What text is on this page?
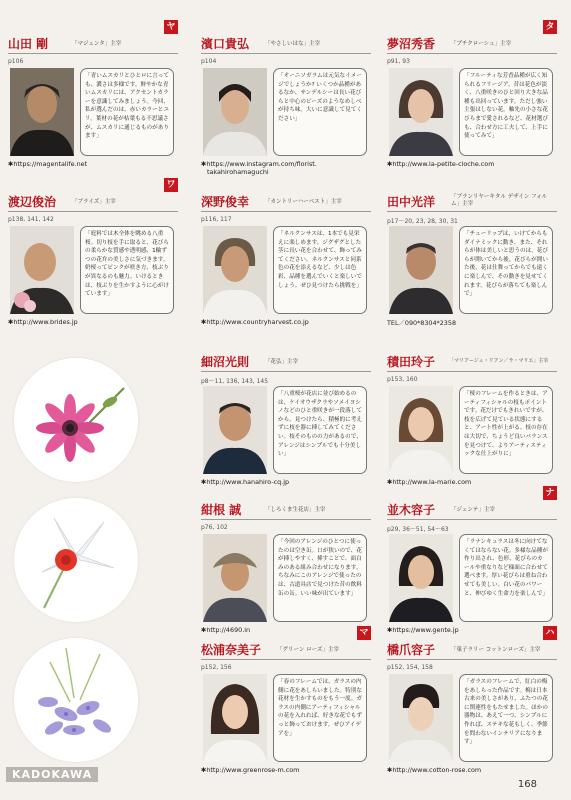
山田 剛	「マジェンタ」主宰
ヤ
p106
「青いムスカリとひとロに言っても、濃さは多様です。鮮やかな青いムスカリには、アクセントカラーを意識してみましょう。今回、私が選んだのは、赤いカラーとユリ。葉材の花が枯葉もる不思議さが、ムスカリに通じるものがあります」
✱https://magentalife.net
濱口貴弘	「やさしいはな」主宰
p104
「オーニソガラムは元気なイメージでしょうか? いくつか品種があるなか、サンデルシーは長い花びらと中心のビーズのようなめしべが持ち味。大いに意識して見てください」
✱https://www.instagram.com/florist.
takahirohamaguchi
夢沼秀香	「プチクローシュ」主宰
タ
p91, 93
「フルーティな芳香品種が広く知られるフリージア。昔は花色が淡く、八重咲きのひと回り大きな品種も出回っています。ただし強い主張はしない花。軸先の小さな花びらまで愛されるなど、花材選びも、合わせ方に工夫して、上手に使ってみて」
✱http://www.la-petite-cloche.com
渡辺俊治	「ブライズ」主宰
ワ
p138, 141, 142
「庭料では木全体を眺める八重桜。切り枝を手に取ると、花びらの柔らかな質感や透明感、1輪ずつの花弁の美しさに気づきます。奶桜ってピンクが咲き方、枝ぶりが異なるのも魅力。いけるときは、枝ぶりを生かすように心がけています」
✱http://www.brides.jp
深野俊幸	「カントリーハーベスト」主宰
p116, 117
「ネルクンサスは、1本でも見栄えに楽しめます。ジグザグとした茎に長い花を合わせて、飾ってみてください。ネルクンサスと同系色の花を添えるなど、少しは色彩、品種を選んでいくと楽しいでしょう。ぜひ見つけたら挑戦を」
✱http://www.countryharvest.co.jp
田中光洋	「ブランリヤーキタル デザイン フォルム」主宰
p17〜20, 23, 28, 30, 31
「チューリップは、いけてからもダイナミックに動き、また、それらが体は美しいと思うのは、花びらが開いてから後。花びらが開いた後、花は仕舞ってからでも遠くに楽しんで、その動きを見せてくれます。花びらが落ちても楽しんで」
TEL／090*8304*2358
細沼光則	「花弘」主宰
p8〜11, 136, 143, 145
「八重桜が花店に並び始めるのは、ケイオウザクラやソメイヨシノなどのひと重咲きが一段落してから。見つけたら、積極的に考えずに枝を器に挿してみてください。枝そのものの力があるので、アレンジはシンプルでも十分美しい」
✱http://www.hanahiro-cq.jp
積田玲子	「マリアージュ・リアン／ラ・マリエ」主宰
p153, 160
「桜のフレームを作るときは、アーティフィシャルの枝もポイントです。花だけでもきれいですが、枝を広げて見ている状態にすると、アート性が上がる。枝の存在は大切で、ちょうど良いバランスを見つけて、よりアーティスティックな仕上がりに」
✱http://www.la-marie.com
紺根 誠	「しろくま生花店」主宰
p76, 102
「今回のアレンジのひとつに使ったのは空き缶。口が狭いので、花が挿しやすく、挿すことで、面白みのある組み合わせになります。ちなみにこのアレンジで使ったのは、古道具店で見つけた昔の飲料缶の缶。いい味が出ています」
✱http://4690.in
並木容子	「ジェンテ」主宰
ナ
p29, 36〜51, 54〜63
「ラナンキュラスは冬に向けてなくてはならない花。多様な品種が作り出され、色形、花びらのカールや重なりなど様面に合わせて選べます。厚い花びらは重ね合わせても美しい。白い花のパワーと、伸びゆく生命力を楽しんで」
✱https://www.gente.jp
松浦奈美子	「グリーン ローズ」主宰
マ
p152, 156
「春のフレームでは、ガラスの内側に花をあしらいました。特別な花材を生かすものをもう一度。ガラスの内側にアーティフィシャルの花を入れれば、好きな花でもずっと飾っておけます。ぜひアイデアを」
✱http://www.greenrose-m.com
橋爪容子	「菓子ラリー コットンローズ」主宰
ハ
p152, 154, 158
「ガラスのフレームで、紅白の梅をあしらった作品です。梅は日本古来の美しさがあり、ふたつの花に関連性をもたせました。ほかの器物は、あえて一つ、シンプルに作れば、ステキな花もしく、季節を問わないインテリアになります」
✱http://www.cotton-rose.com
KADOKAWA
168
